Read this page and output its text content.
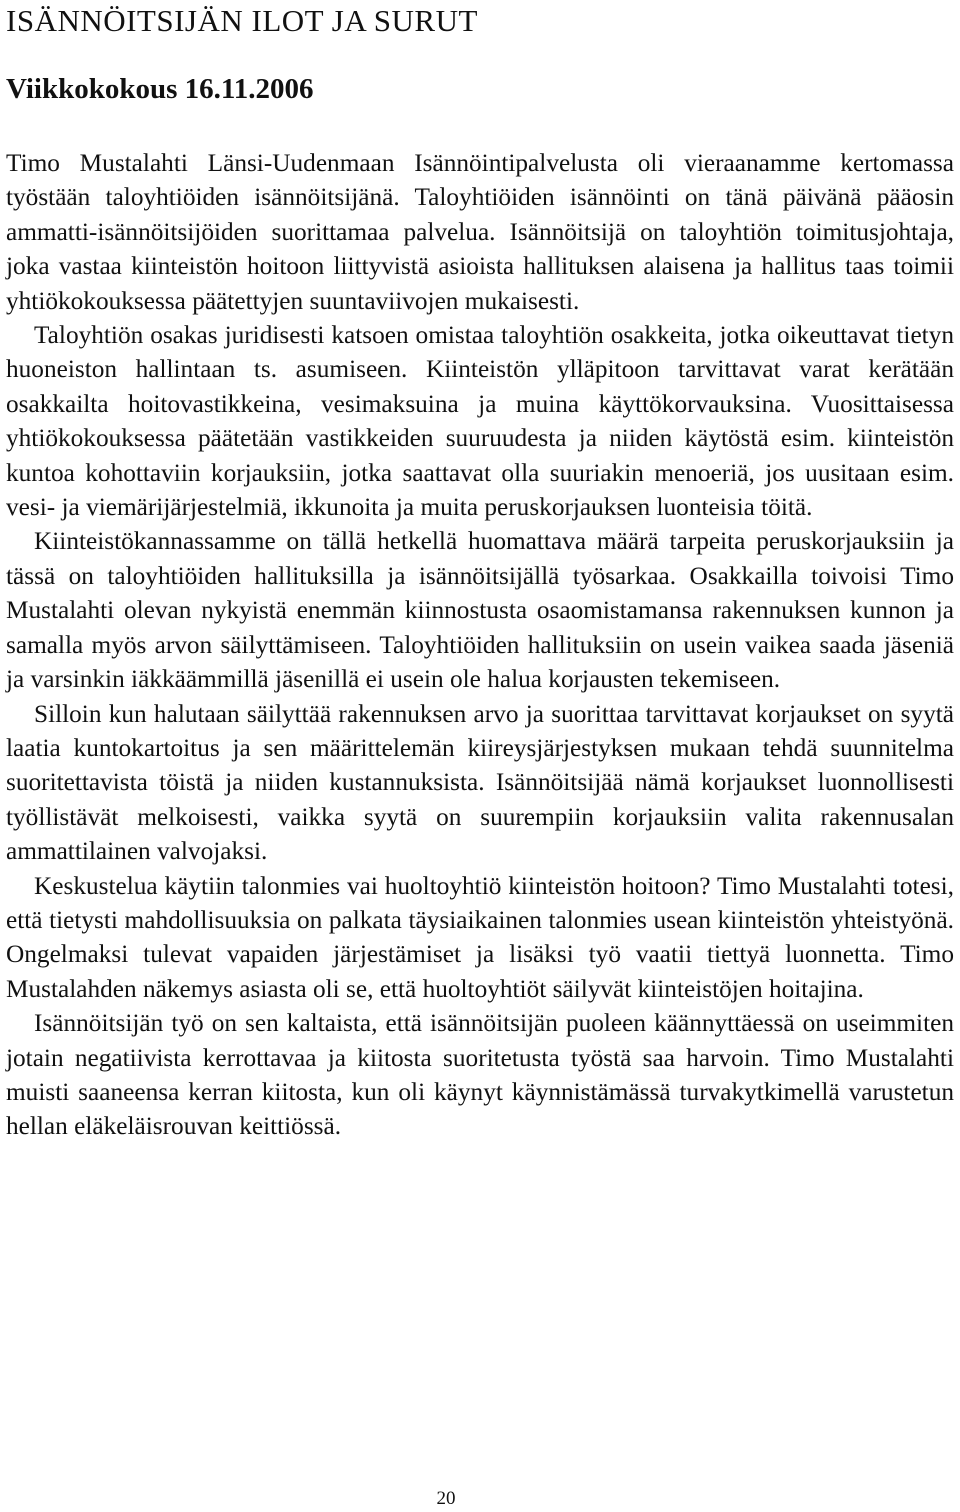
ISÄNNÖITSIJÄN ILOT JA SURUT
Viikkokokous 16.11.2006

Timo Mustalahti Länsi-Uudenmaan Isännöintipalvelusta oli vieraanamme kertomassa työstään taloyhtiöiden isännöitsijänä. Taloyhtiöiden isännöinti on tänä päivänä pääosin ammatti-isännöitsijöiden suorittamaa palvelua. Isännöitsijä on taloyhtiön toimitusjohtaja, joka vastaa kiinteistön hoitoon liittyvistä asioista hallituksen alaisena ja hallitus taas toimii yhtiökokouksessa päätettyjen suuntaviivojen mukaisesti.

Taloyhtiön osakas juridisesti katsoen omistaa taloyhtiön osakkeita, jotka oikeuttavat tietyn huoneiston hallintaan ts. asumiseen. Kiinteistön ylläpitoon tarvittavat varat kerätään osakkailta hoitovastikkeina, vesimaksuina ja muina käyttökorvauksina. Vuosittaisessa yhtiökokouksessa päätetään vastikkeiden suuruudesta ja niiden käytöstä esim. kiinteistön kuntoa kohottaviin korjauksiin, jotka saattavat olla suuriakin menoeriä, jos uusitaan esim. vesi- ja viemärijärjestelmiä, ikkunoita ja muita peruskorjauksen luonteisia töitä.

Kiinteistökannassamme on tällä hetkellä huomattava määrä tarpeita peruskorjauksiin ja tässä on taloyhtiöiden hallituksilla ja isännöitsijällä työsarkaa. Osakkailla toivoisi Timo Mustalahti olevan nykyistä enemmän kiinnostusta osaomistamansa rakennuksen kunnon ja samalla myös arvon säilyttämiseen. Taloyhtiöiden hallituksiin on usein vaikea saada jäseniä ja varsinkin iäkkäämmillä jäsenillä ei usein ole halua korjausten tekemiseen.

Silloin kun halutaan säilyttää rakennuksen arvo ja suorittaa tarvittavat korjaukset on syytä laatia kuntokartoitus ja sen määrittelemän kiireysjärjestyksen mukaan tehdä suunnitelma suoritettavista töistä ja niiden kustannuksista. Isännöitsijää nämä korjaukset luonnollisesti työllistävät melkoisesti, vaikka syytä on suurempiin korjauksiin valita rakennusalan ammattilainen valvojaksi.

Keskustelua käytiin talonmies vai huoltoyhtiö kiinteistön hoitoon? Timo Mustalahti totesi, että tietysti mahdollisuuksia on palkata täysiaikainen talonmies usean kiinteistön yhteistyönä. Ongelmaksi tulevat vapaiden järjestämiset ja lisäksi työ vaatii tiettyä luonnetta. Timo Mustalahden näkemys asiasta oli se, että huoltoyhtiöt säilyvät kiinteistöjen hoitajina.

Isännöitsijän työ on sen kaltaista, että isännöitsijän puoleen käännyttäessä on useimmiten jotain negatiivista kerrottavaa ja kiitosta suoritetusta työstä saa harvoin. Timo Mustalahti muisti saaneensa kerran kiitosta, kun oli käynyt käynnistämässä turvakytkimellä varustetun hellan eläkeläisrouvan keittiössä.

20
